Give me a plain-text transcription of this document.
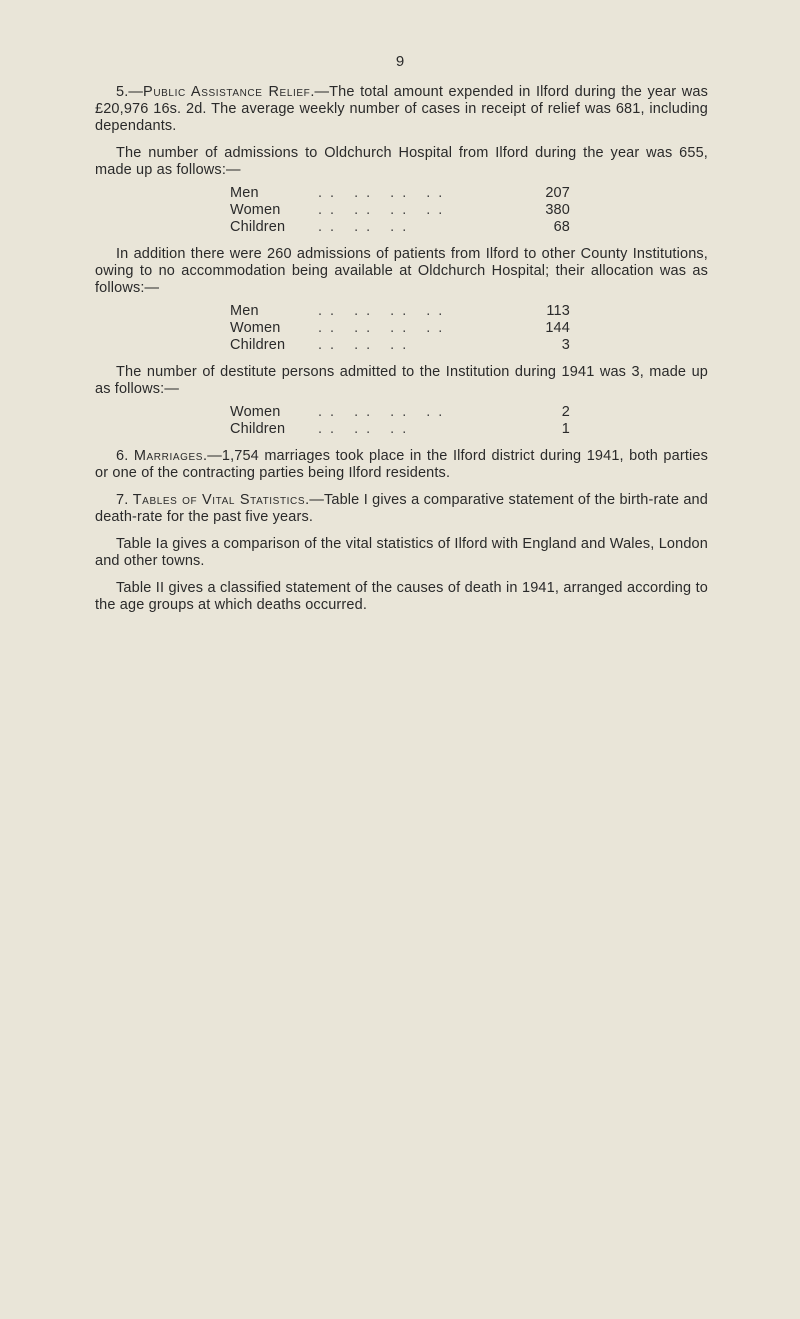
9

5.—Public Assistance Relief.—The total amount expended in Ilford during the year was £20,976 16s. 2d. The average weekly number of cases in receipt of relief was 681, including dependants.

The number of admissions to Oldchurch Hospital from Ilford during the year was 655, made up as follows:—

Men	.. .. .. ..	207
Women	.. .. .. ..	380
Children .. .. ..	68

In addition there were 260 admissions of patients from Ilford to other County Institutions, owing to no accommodation being available at Oldchurch Hospital; their allocation was as follows:—

Men	.. .. .. ..	113
Women	.. .. .. ..	144
Children .. .. ..	3

The number of destitute persons admitted to the Institution during 1941 was 3, made up as follows:—

Women	.. .. .. ..	2
Children .. .. ..	1

6. Marriages.—1,754 marriages took place in the Ilford district during 1941, both parties or one of the contracting parties being Ilford residents.

7. Tables of Vital Statistics.—Table I gives a comparative statement of the birth-rate and death-rate for the past five years.

Table Ia gives a comparison of the vital statistics of Ilford with England and Wales, London and other towns.

Table II gives a classified statement of the causes of death in 1941, arranged according to the age groups at which deaths occurred.
